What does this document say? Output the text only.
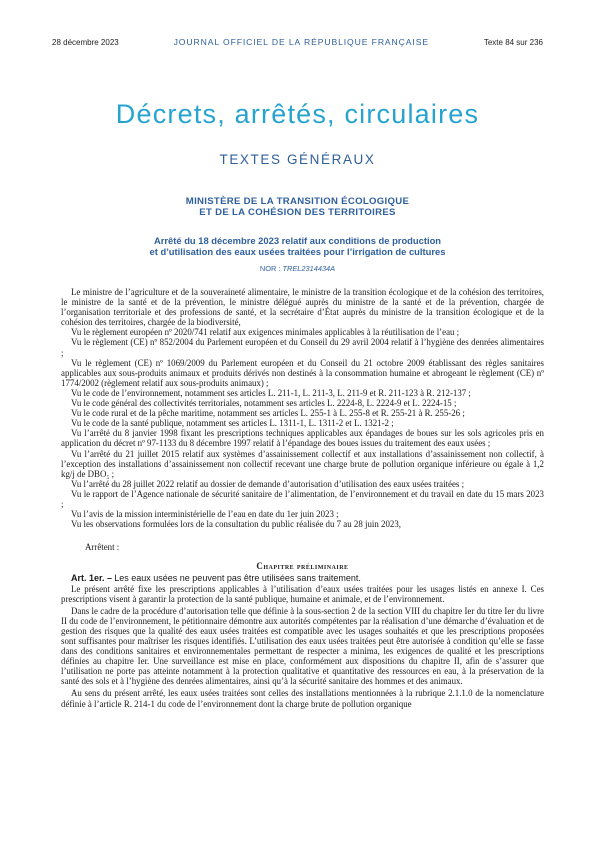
28 décembre 2023	JOURNAL OFFICIEL DE LA RÉPUBLIQUE FRANÇAISE	Texte 84 sur 236
Décrets, arrêtés, circulaires
TEXTES GÉNÉRAUX
MINISTÈRE DE LA TRANSITION ÉCOLOGIQUE
ET DE LA COHÉSION DES TERRITOIRES
Arrêté du 18 décembre 2023 relatif aux conditions de production
et d’utilisation des eaux usées traitées pour l’irrigation de cultures
NOR : TREL2314434A

Le ministre de l’agriculture et de la souveraineté alimentaire, le ministre de la transition écologique et de la cohésion des territoires, le ministre de la santé et de la prévention, le ministre délégué auprès du ministre de la santé et de la prévention, chargée de l’organisation territoriale et des professions de santé, et la secrétaire d’État auprès du ministre de la transition écologique et de la cohésion des territoires, chargée de la biodiversité,

Vu le règlement européen nº 2020/741 relatif aux exigences minimales applicables à la réutilisation de l’eau ;

Vu le règlement (CE) nº 852/2004 du Parlement européen et du Conseil du 29 avril 2004 relatif à l’hygiène des denrées alimentaires ;

Vu le règlement (CE) nº 1069/2009 du Parlement européen et du Conseil du 21 octobre 2009 établissant des règles sanitaires applicables aux sous-produits animaux et produits dérivés non destinés à la consommation humaine et abrogeant le règlement (CE) nº 1774/2002 (règlement relatif aux sous-produits animaux) ;

Vu le code de l’environnement, notamment ses articles L. 211-1, L. 211-3, L. 211-9 et R. 211-123 à R. 212-137 ;

Vu le code général des collectivités territoriales, notamment ses articles L. 2224-8, L. 2224-9 et L. 2224-15 ;

Vu le code rural et de la pêche maritime, notamment ses articles L. 255-1 à L. 255-8 et R. 255-21 à R. 255-26 ;

Vu le code de la santé publique, notamment ses articles L. 1311-1, L. 1311-2 et L. 1321-2 ;

Vu l’arrêté du 8 janvier 1998 fixant les prescriptions techniques applicables aux épandages de boues sur les sols agricoles pris en application du décret nº 97-1133 du 8 décembre 1997 relatif à l’épandage des boues issues du traitement des eaux usées ;

Vu l’arrêté du 21 juillet 2015 relatif aux systèmes d’assainissement collectif et aux installations d’assainissement non collectif, à l’exception des installations d’assainissement non collectif recevant une charge brute de pollution organique inférieure ou égale à 1,2 kg/j de DBO₅ ;

Vu l’arrêté du 28 juillet 2022 relatif au dossier de demande d’autorisation d’utilisation des eaux usées traitées ;

Vu le rapport de l’Agence nationale de sécurité sanitaire de l’alimentation, de l’environnement et du travail en date du 15 mars 2023 ;

Vu l’avis de la mission interministérielle de l’eau en date du 1er juin 2023 ;

Vu les observations formulées lors de la consultation du public réalisée du 7 au 28 juin 2023,

Arrêtent :

Chapitre préliminaire

Art. 1er. – Les eaux usées ne peuvent pas être utilisées sans traitement.

Le présent arrêté fixe les prescriptions applicables à l’utilisation d’eaux usées traitées pour les usages listés en annexe I. Ces prescriptions visent à garantir la protection de la santé publique, humaine et animale, et de l’environnement.

Dans le cadre de la procédure d’autorisation telle que définie à la sous-section 2 de la section VIII du chapitre Ier du titre Ier du livre II du code de l’environnement, le pétitionnaire démontre aux autorités compétentes par la réalisation d’une démarche d’évaluation et de gestion des risques que la qualité des eaux usées traitées est compatible avec les usages souhaités et que les prescriptions proposées sont suffisantes pour maîtriser les risques identifiés. L’utilisation des eaux usées traitées peut être autorisée à condition qu’elle se fasse dans des conditions sanitaires et environnementales permettant de respecter a minima, les exigences de qualité et les prescriptions définies au chapitre Ier. Une surveillance est mise en place, conformément aux dispositions du chapitre II, afin de s’assurer que l’utilisation ne porte pas atteinte notamment à la protection qualitative et quantitative des ressources en eau, à la préservation de la santé des sols et à l’hygiène des denrées alimentaires, ainsi qu’à la sécurité sanitaire des hommes et des animaux.

Au sens du présent arrêté, les eaux usées traitées sont celles des installations mentionnées à la rubrique 2.1.1.0 de la nomenclature définie à l’article R. 214-1 du code de l’environnement dont la charge brute de pollution organique
